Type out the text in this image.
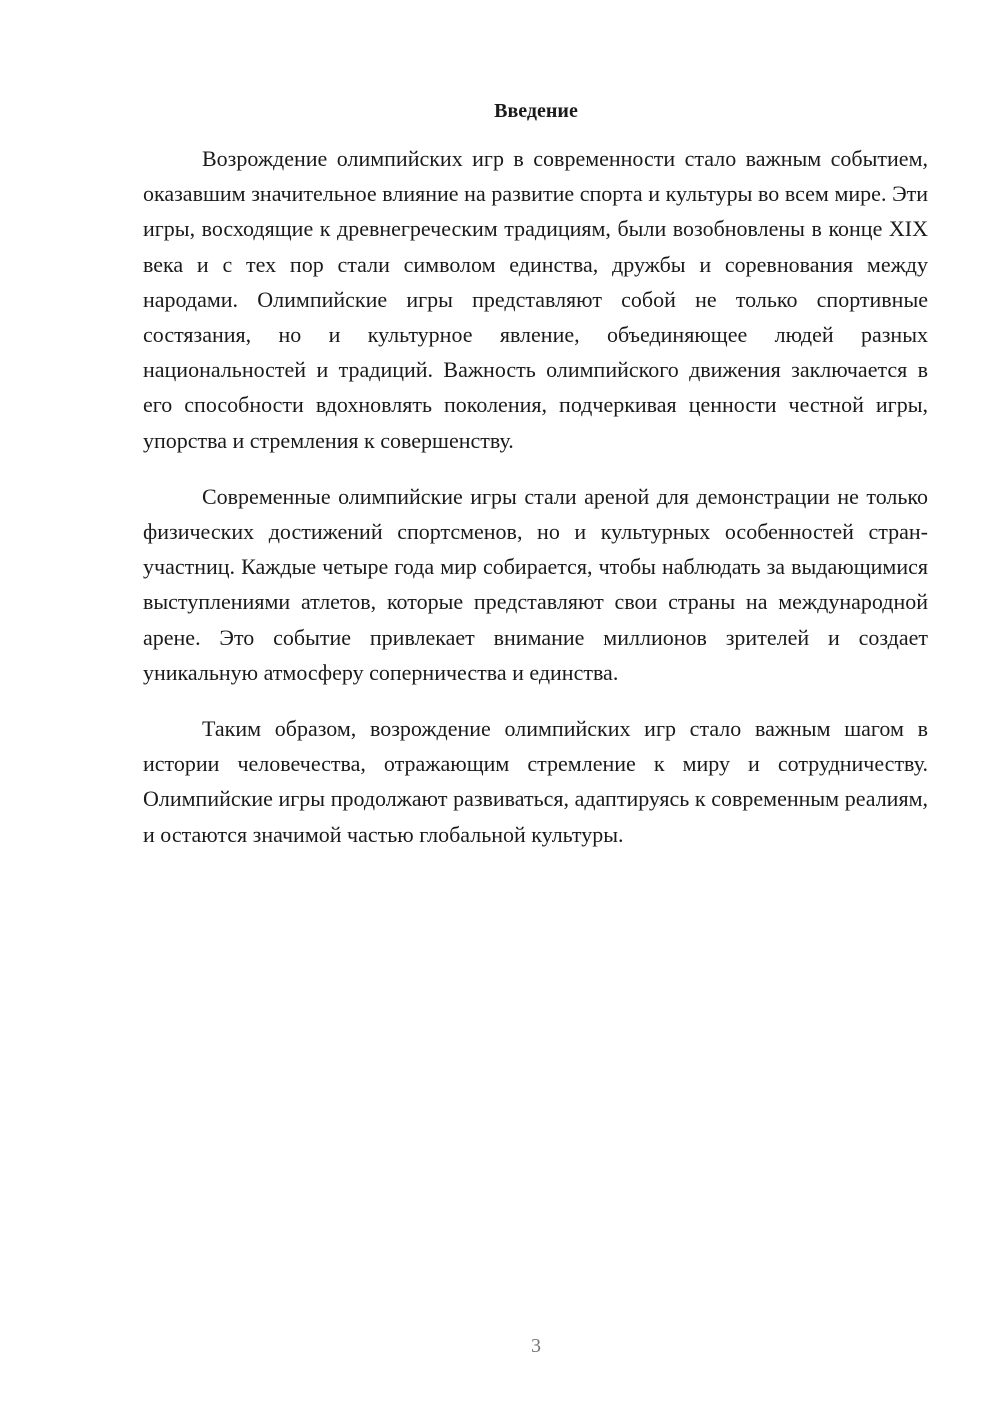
Введение

Возрождение олимпийских игр в современности стало важным событием, оказавшим значительное влияние на развитие спорта и культуры во всем мире. Эти игры, восходящие к древнегреческим традициям, были возобновлены в конце XIX века и с тех пор стали символом единства, дружбы и соревнования между народами. Олимпийские игры представляют собой не только спортивные состязания, но и культурное явление, объединяющее людей разных национальностей и традиций. Важность олимпийского движения заключается в его способности вдохновлять поколения, подчеркивая ценности честной игры, упорства и стремления к совершенству.

Современные олимпийские игры стали ареной для демонстрации не только физических достижений спортсменов, но и культурных особенностей стран-участниц. Каждые четыре года мир собирается, чтобы наблюдать за выдающимися выступлениями атлетов, которые представляют свои страны на международной арене. Это событие привлекает внимание миллионов зрителей и создает уникальную атмосферу соперничества и единства.

Таким образом, возрождение олимпийских игр стало важным шагом в истории человечества, отражающим стремление к миру и сотрудничеству. Олимпийские игры продолжают развиваться, адаптируясь к современным реалиям, и остаются значимой частью глобальной культуры.

3
